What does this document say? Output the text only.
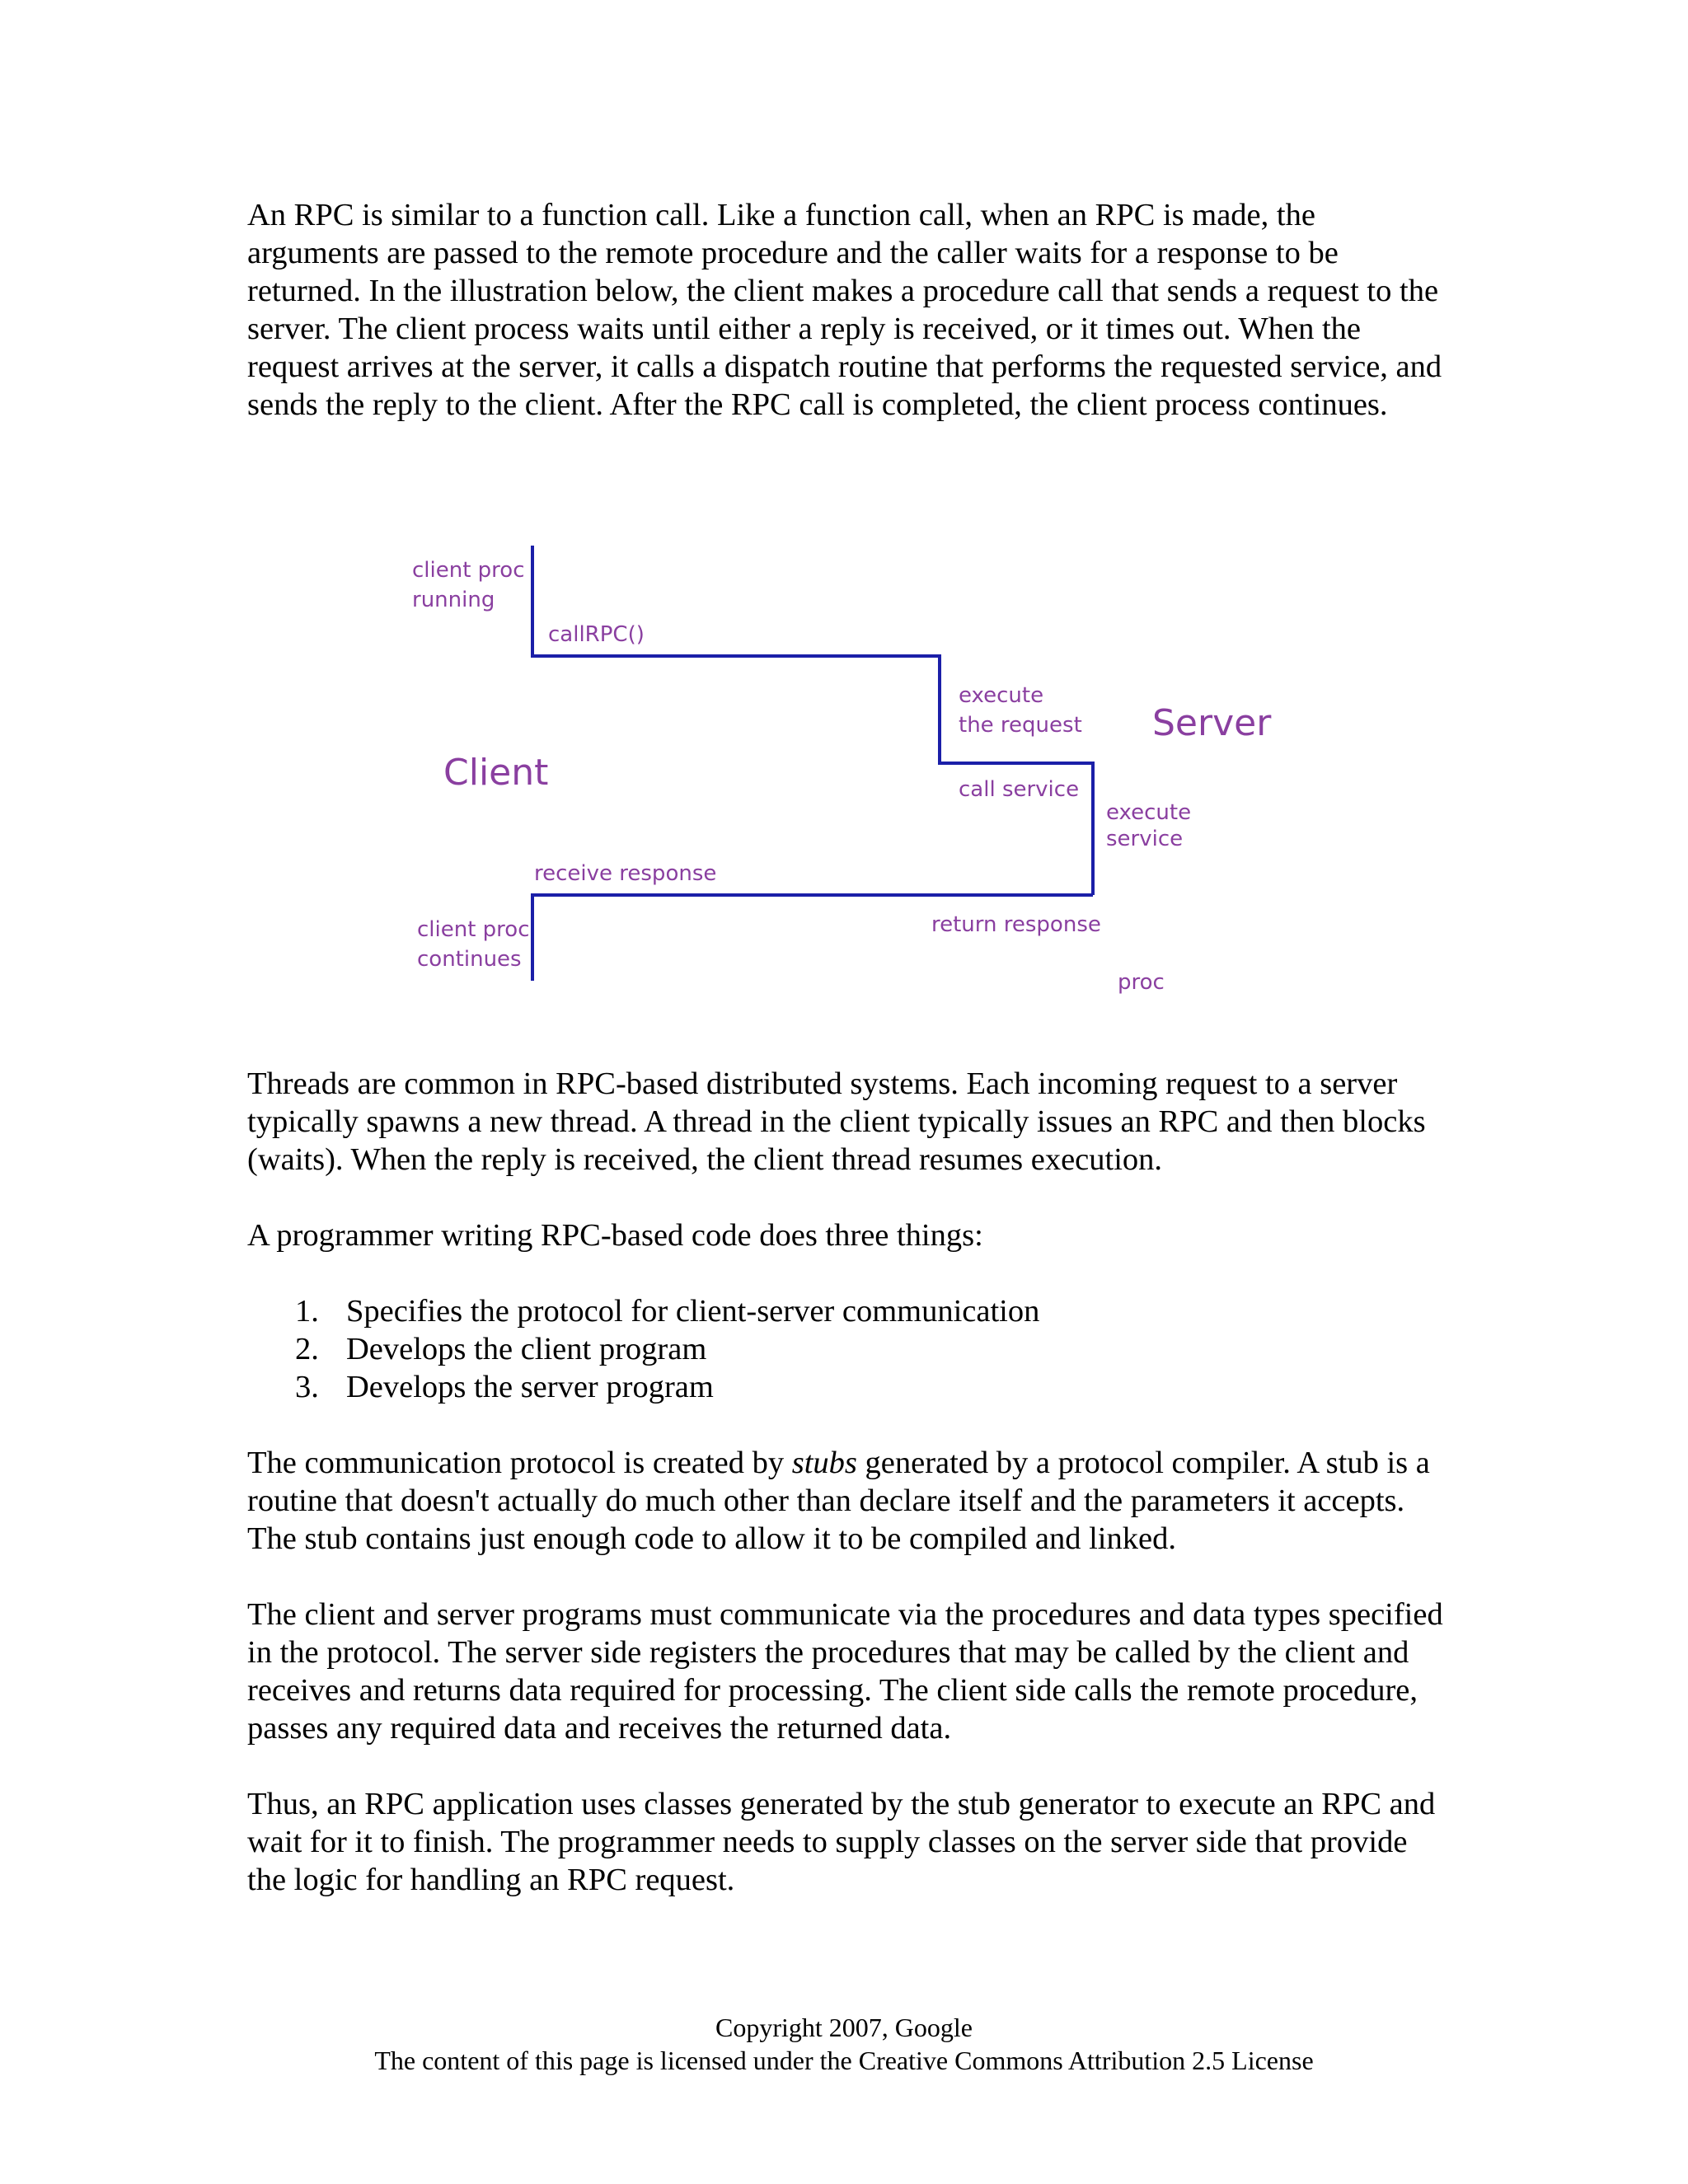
An RPC is similar to a function call. Like a function call, when an RPC is made, the arguments are passed to the remote procedure and the caller waits for a response to be returned. In the illustration below, the client makes a procedure call that sends a request to the server. The client process waits until either a reply is received, or it times out. When the request arrives at the server, it calls a dispatch routine that performs the requested service, and sends the reply to the client. After the RPC call is completed, the client process continues.

client proc running
callRPC()
execute the request Server
Client	call service
execute service
receive response
client proc continues
return response
proc

Threads are common in RPC-based distributed systems. Each incoming request to a server typically spawns a new thread. A thread in the client typically issues an RPC and then blocks (waits). When the reply is received, the client thread resumes execution.

A programmer writing RPC-based code does three things:

1. Specifies the protocol for client-server communication
2. Develops the client program
3. Develops the server program

The communication protocol is created by stubs generated by a protocol compiler. A stub is a routine that doesn't actually do much other than declare itself and the parameters it accepts. The stub contains just enough code to allow it to be compiled and linked.

The client and server programs must communicate via the procedures and data types specified in the protocol. The server side registers the procedures that may be called by the client and receives and returns data required for processing. The client side calls the remote procedure, passes any required data and receives the returned data.

Thus, an RPC application uses classes generated by the stub generator to execute an RPC and wait for it to finish. The programmer needs to supply classes on the server side that provide the logic for handling an RPC request.

Copyright 2007, Google
The content of this page is licensed under the Creative Commons Attribution 2.5 License
